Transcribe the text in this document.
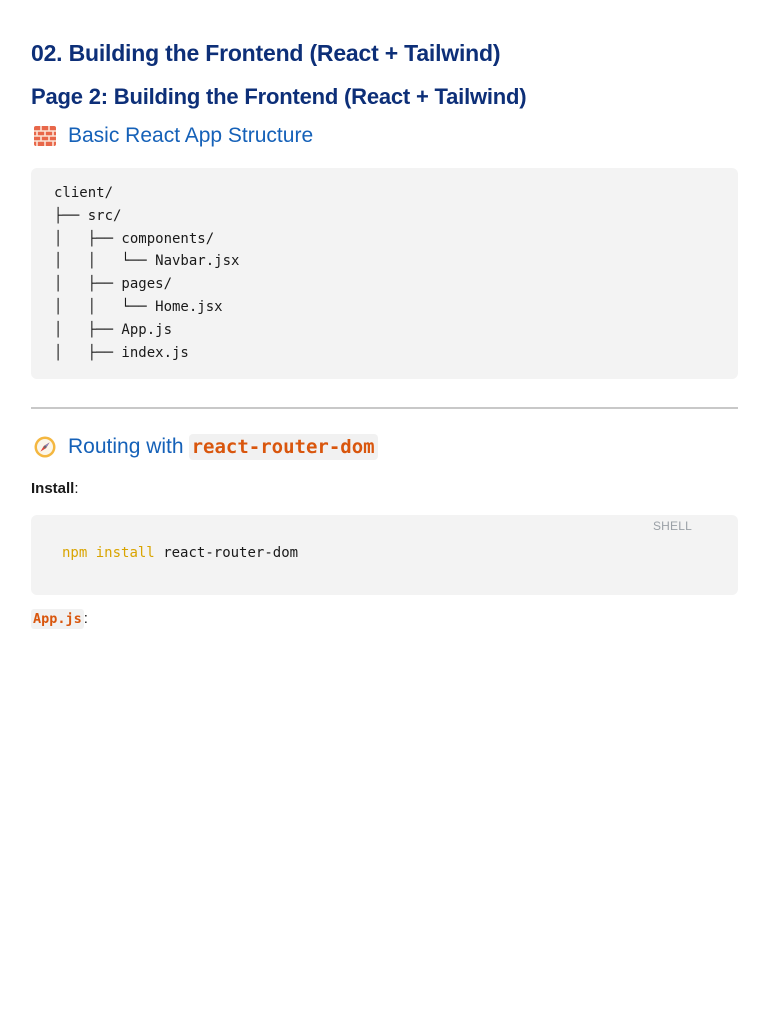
02. Building the Frontend (React + Tailwind)
Page 2: Building the Frontend (React + Tailwind)
Basic React App Structure
client/
├── src/
│   ├── components/
│   │   └── Navbar.jsx
│   ├── pages/
│   │   └── Home.jsx
│   ├── App.js
│   ├── index.js
Routing with react-router-dom

Install:

SHELL
npm install react-router-dom

App.js :
